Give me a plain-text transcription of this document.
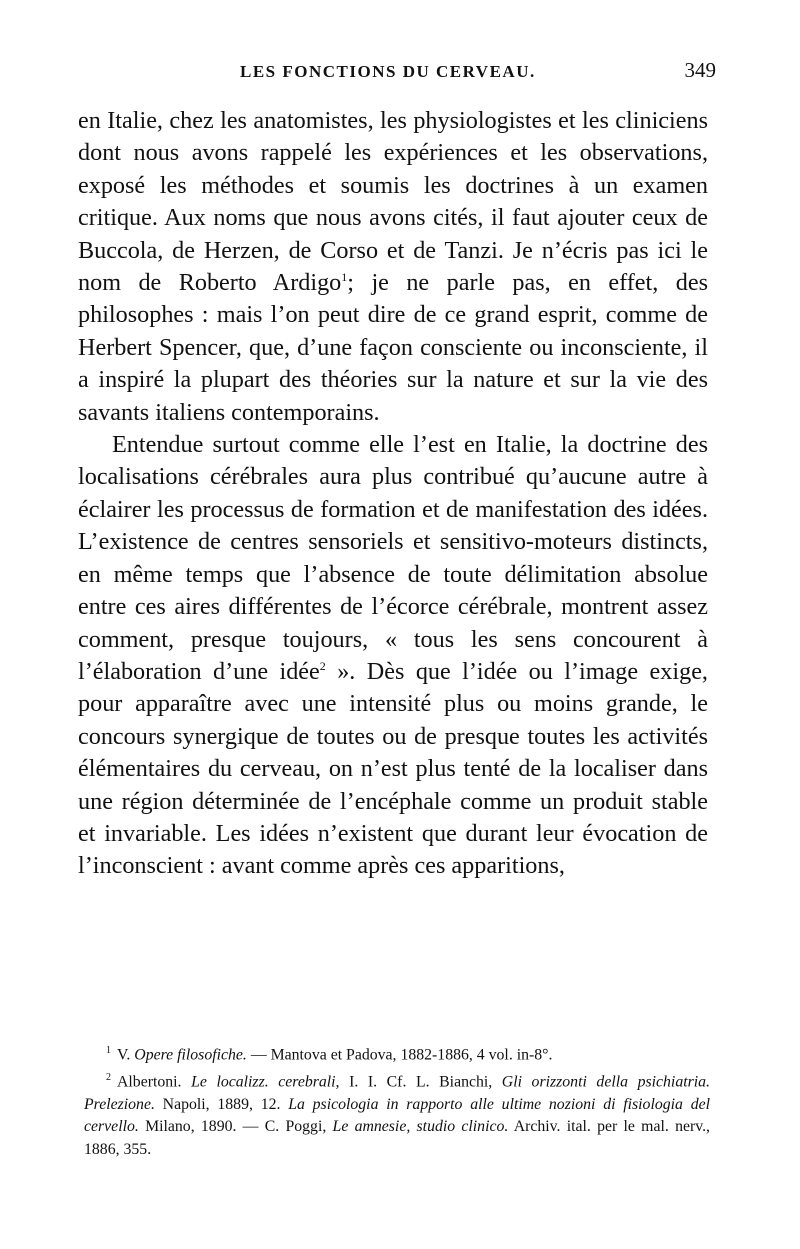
LES FONCTIONS DU CERVEAU.	349

en Italie, chez les anatomistes, les physiologistes et les cliniciens dont nous avons rappelé les expériences et les observations, exposé les méthodes et soumis les doctrines à un examen critique. Aux noms que nous avons cités, il faut ajouter ceux de Buccola, de Herzen, de Corso et de Tanzi. Je n’écris pas ici le nom de Roberto Ardigo$^1$; je ne parle pas, en effet, des philosophes : mais l’on peut dire de ce grand esprit, comme de Herbert Spencer, que, d’une façon consciente ou inconsciente, il a inspiré la plupart des théories sur la nature et sur la vie des savants italiens contemporains.

Entendue surtout comme elle l’est en Italie, la doctrine des localisations cérébrales aura plus contribué qu’aucune autre à éclairer les processus de formation et de manifestation des idées. L’existence de centres sensoriels et sensitivo-moteurs distincts, en même temps que l’absence de toute délimitation absolue entre ces aires différentes de l’écorce cérébrale, montrent assez comment, presque toujours, « tous les sens concourent à l’élaboration d’une idée$^2$ ». Dès que l’idée ou l’image exige, pour apparaître avec une intensité plus ou moins grande, le concours synergique de toutes ou de presque toutes les activités élémentaires du cerveau, on n’est plus tenté de la localiser dans une région déterminée de l’encéphale comme un produit stable et invariable. Les idées n’existent que durant leur évocation de l’inconscient : avant comme après ces apparitions,

$^1$ V. Opere filosofiche. — Mantova et Padova, 1882-1886, 4 vol. in-8°.

$^2$ Albertoni. Le localizz. cerebrali, I. I. Cf. L. Bianchi, Gli orizzonti della psichiatria. Prelezione. Napoli, 1889, 12. La psicologia in rapporto alle ultime nozioni di fisiologia del cervello. Milano, 1890. — C. Poggi, Le amnesie, studio clinico. Archiv. ital. per le mal. nerv., 1886, 355.
